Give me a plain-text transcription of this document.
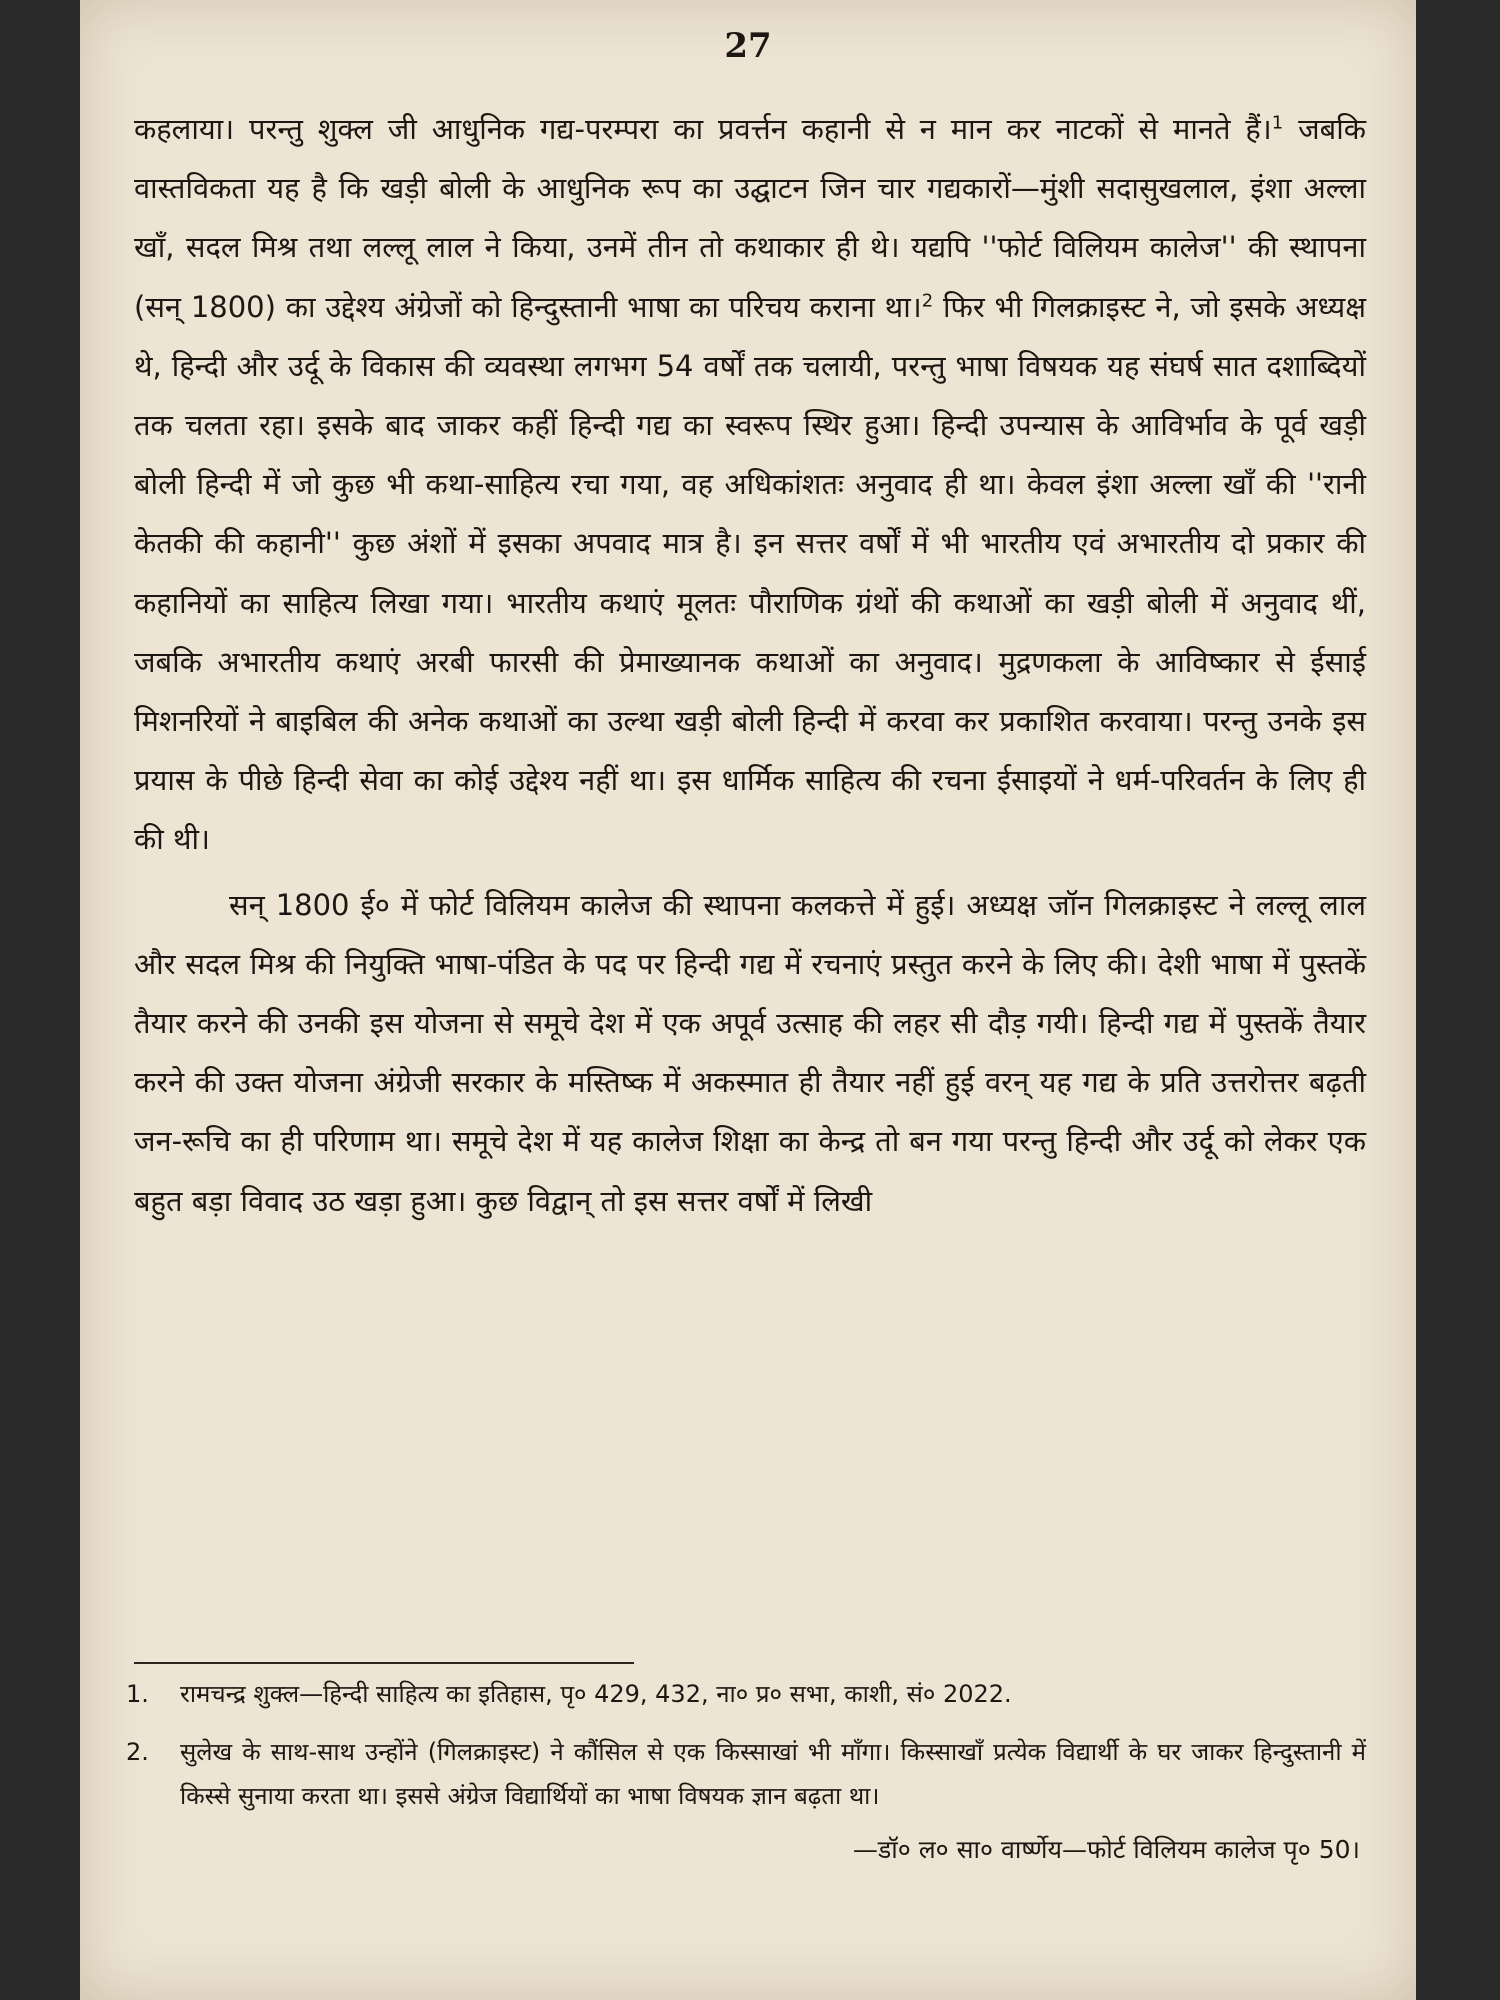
27

कहलाया। परन्तु शुक्ल जी आधुनिक गद्य-परम्परा का प्रवर्त्तन कहानी से न मान कर नाटकों से मानते हैं।$^1$ जबकि वास्तविकता यह है कि खड़ी बोली के आधुनिक रूप का उद्घाटन जिन चार गद्यकारों—मुंशी सदासुखलाल, इंशा अल्ला खाँ, सदल मिश्र तथा लल्लू लाल ने किया, उनमें तीन तो कथाकार ही थे। यद्यपि ''फोर्ट विलियम कालेज'' की स्थापना (सन् 1800) का उद्देश्य अंग्रेजों को हिन्दुस्तानी भाषा का परिचय कराना था।$^2$ फिर भी गिलक्राइस्ट ने, जो इसके अध्यक्ष थे, हिन्दी और उर्दू के विकास की व्यवस्था लगभग 54 वर्षों तक चलायी, परन्तु भाषा विषयक यह संघर्ष सात दशाब्दियों तक चलता रहा। इसके बाद जाकर कहीं हिन्दी गद्य का स्वरूप स्थिर हुआ। हिन्दी उपन्यास के आविर्भाव के पूर्व खड़ी बोली हिन्दी में जो कुछ भी कथा-साहित्य रचा गया, वह अधिकांशतः अनुवाद ही था। केवल इंशा अल्ला खाँ की ''रानी केतकी की कहानी'' कुछ अंशों में इसका अपवाद मात्र है। इन सत्तर वर्षों में भी भारतीय एवं अभारतीय दो प्रकार की कहानियों का साहित्य लिखा गया। भारतीय कथाएं मूलतः पौराणिक ग्रंथों की कथाओं का खड़ी बोली में अनुवाद थीं, जबकि अभारतीय कथाएं अरबी फारसी की प्रेमाख्यानक कथाओं का अनुवाद। मुद्रणकला के आविष्कार से ईसाई मिशनरियों ने बाइबिल की अनेक कथाओं का उल्था खड़ी बोली हिन्दी में करवा कर प्रकाशित करवाया। परन्तु उनके इस प्रयास के पीछे हिन्दी सेवा का कोई उद्देश्य नहीं था। इस धार्मिक साहित्य की रचना ईसाइयों ने धर्म-परिवर्तन के लिए ही की थी।

सन् 1800 ई० में फोर्ट विलियम कालेज की स्थापना कलकत्ते में हुई। अध्यक्ष जॉन गिलक्राइस्ट ने लल्लू लाल और सदल मिश्र की नियुक्ति भाषा-पंडित के पद पर हिन्दी गद्य में रचनाएं प्रस्तुत करने के लिए की। देशी भाषा में पुस्तकें तैयार करने की उनकी इस योजना से समूचे देश में एक अपूर्व उत्साह की लहर सी दौड़ गयी। हिन्दी गद्य में पुस्तकें तैयार करने की उक्त योजना अंग्रेजी सरकार के मस्तिष्क में अकस्मात ही तैयार नहीं हुई वरन् यह गद्य के प्रति उत्तरोत्तर बढ़ती जन-रूचि का ही परिणाम था। समूचे देश में यह कालेज शिक्षा का केन्द्र तो बन गया परन्तु हिन्दी और उर्दू को लेकर एक बहुत बड़ा विवाद उठ खड़ा हुआ। कुछ विद्वान् तो इस सत्तर वर्षों में लिखी

1. रामचन्द्र शुक्ल—हिन्दी साहित्य का इतिहास, पृ० 429, 432, ना० प्र० सभा, काशी, सं० 2022.
2. सुलेख के साथ-साथ उन्होंने (गिलक्राइस्ट) ने कौंसिल से एक किस्साखां भी माँगा। किस्साखाँ प्रत्येक विद्यार्थी के घर जाकर हिन्दुस्तानी में किस्से सुनाया करता था। इससे अंग्रेज विद्यार्थियों का भाषा विषयक ज्ञान बढ़ता था।
—डॉ० ल० सा० वार्ष्णेय—फोर्ट विलियम कालेज पृ० 50।
